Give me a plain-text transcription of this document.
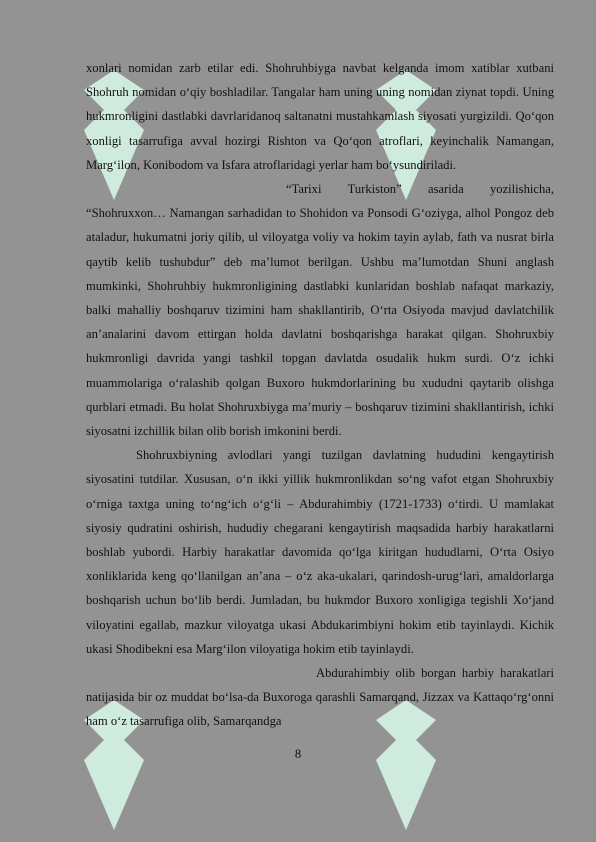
xonlari nomidan zarb etilar edi. Shohruhbiyga navbat kelganda imom xatiblar xutbani Shohruh nomidan oʻqiy boshladilar. Tangalar ham uning uning nomidan ziynat topdi. Uning hukmronligini dastlabki davrlaridanoq saltanatni mustahkamlash siyosati yurgizildi. Qoʻqon xonligi tasarrufiga avval hozirgi Rishton va Qoʻqon atroflari, keyinchalik Namangan, Margʻilon, Konibodom va Isfara atroflaridagi yerlar ham boʻysundiriladi.

“Tarixi Turkiston” asarida yozilishicha, “Shohruxxon… Namangan sarhadidan to Shohidon va Ponsodi Gʻoziyga, alhol Pongoz deb ataladur, hukumatni joriy qilib, ul viloyatga voliy va hokim tayin aylab, fath va nusrat birla qaytib kelib tushubdur” deb ma’lumot berilgan. Ushbu ma’lumotdan Shuni anglash mumkinki, Shohruhbiy hukmronligining dastlabki kunlaridan boshlab nafaqat markaziy, balki mahalliy boshqaruv tizimini ham shakllantirib, Oʻrta Osiyoda mavjud davlatchilik an’analarini davom ettirgan holda davlatni boshqarishga harakat qilgan. Shohruxbiy hukmronligi davrida yangi tashkil topgan davlatda osudalik hukm surdi. Oʻz ichki muammolariga oʻralashib qolgan Buxoro hukmdorlarining bu xududni qaytarib olishga qurblari etmadi. Bu holat Shohruxbiyga ma’muriy – boshqaruv tizimini shakllantirish, ichki siyosatni izchillik bilan olib borish imkonini berdi.

Shohruxbiyning avlodlari yangi tuzilgan davlatning hududini kengaytirish siyosatini tutdilar. Xususan, oʻn ikki yillik hukmronlikdan soʻng vafot etgan Shohruxbiy oʻrniga taxtga uning toʻngʻich oʻgʻli – Abdurahimbiy (1721-1733) oʻtirdi. U mamlakat siyosiy qudratini oshirish, hududiy chegarani kengaytirish maqsadida harbiy harakatlarni boshlab yubordi. Harbiy harakatlar davomida qoʻlga kiritgan hududlarni, Oʻrta Osiyo xonliklarida keng qoʻllanilgan an’ana – oʻz aka-ukalari, qarindosh-urugʻlari, amaldorlarga boshqarish uchun boʻlib berdi. Jumladan, bu hukmdor Buxoro xonligiga tegishli Xoʻjand viloyatini egallab, mazkur viloyatga ukasi Abdukarimbiyni hokim etib tayinlaydi. Kichik ukasi Shodibekni esa Margʻilon viloyatiga hokim etib tayinlaydi.

Abdurahimbiy olib borgan harbiy harakatlari natijasida bir oz muddat boʻlsa-da Buxoroga qarashli Samarqand, Jizzax va Kattaqoʻrgʻonni ham oʻz tasarrufiga olib, Samarqandga

8
